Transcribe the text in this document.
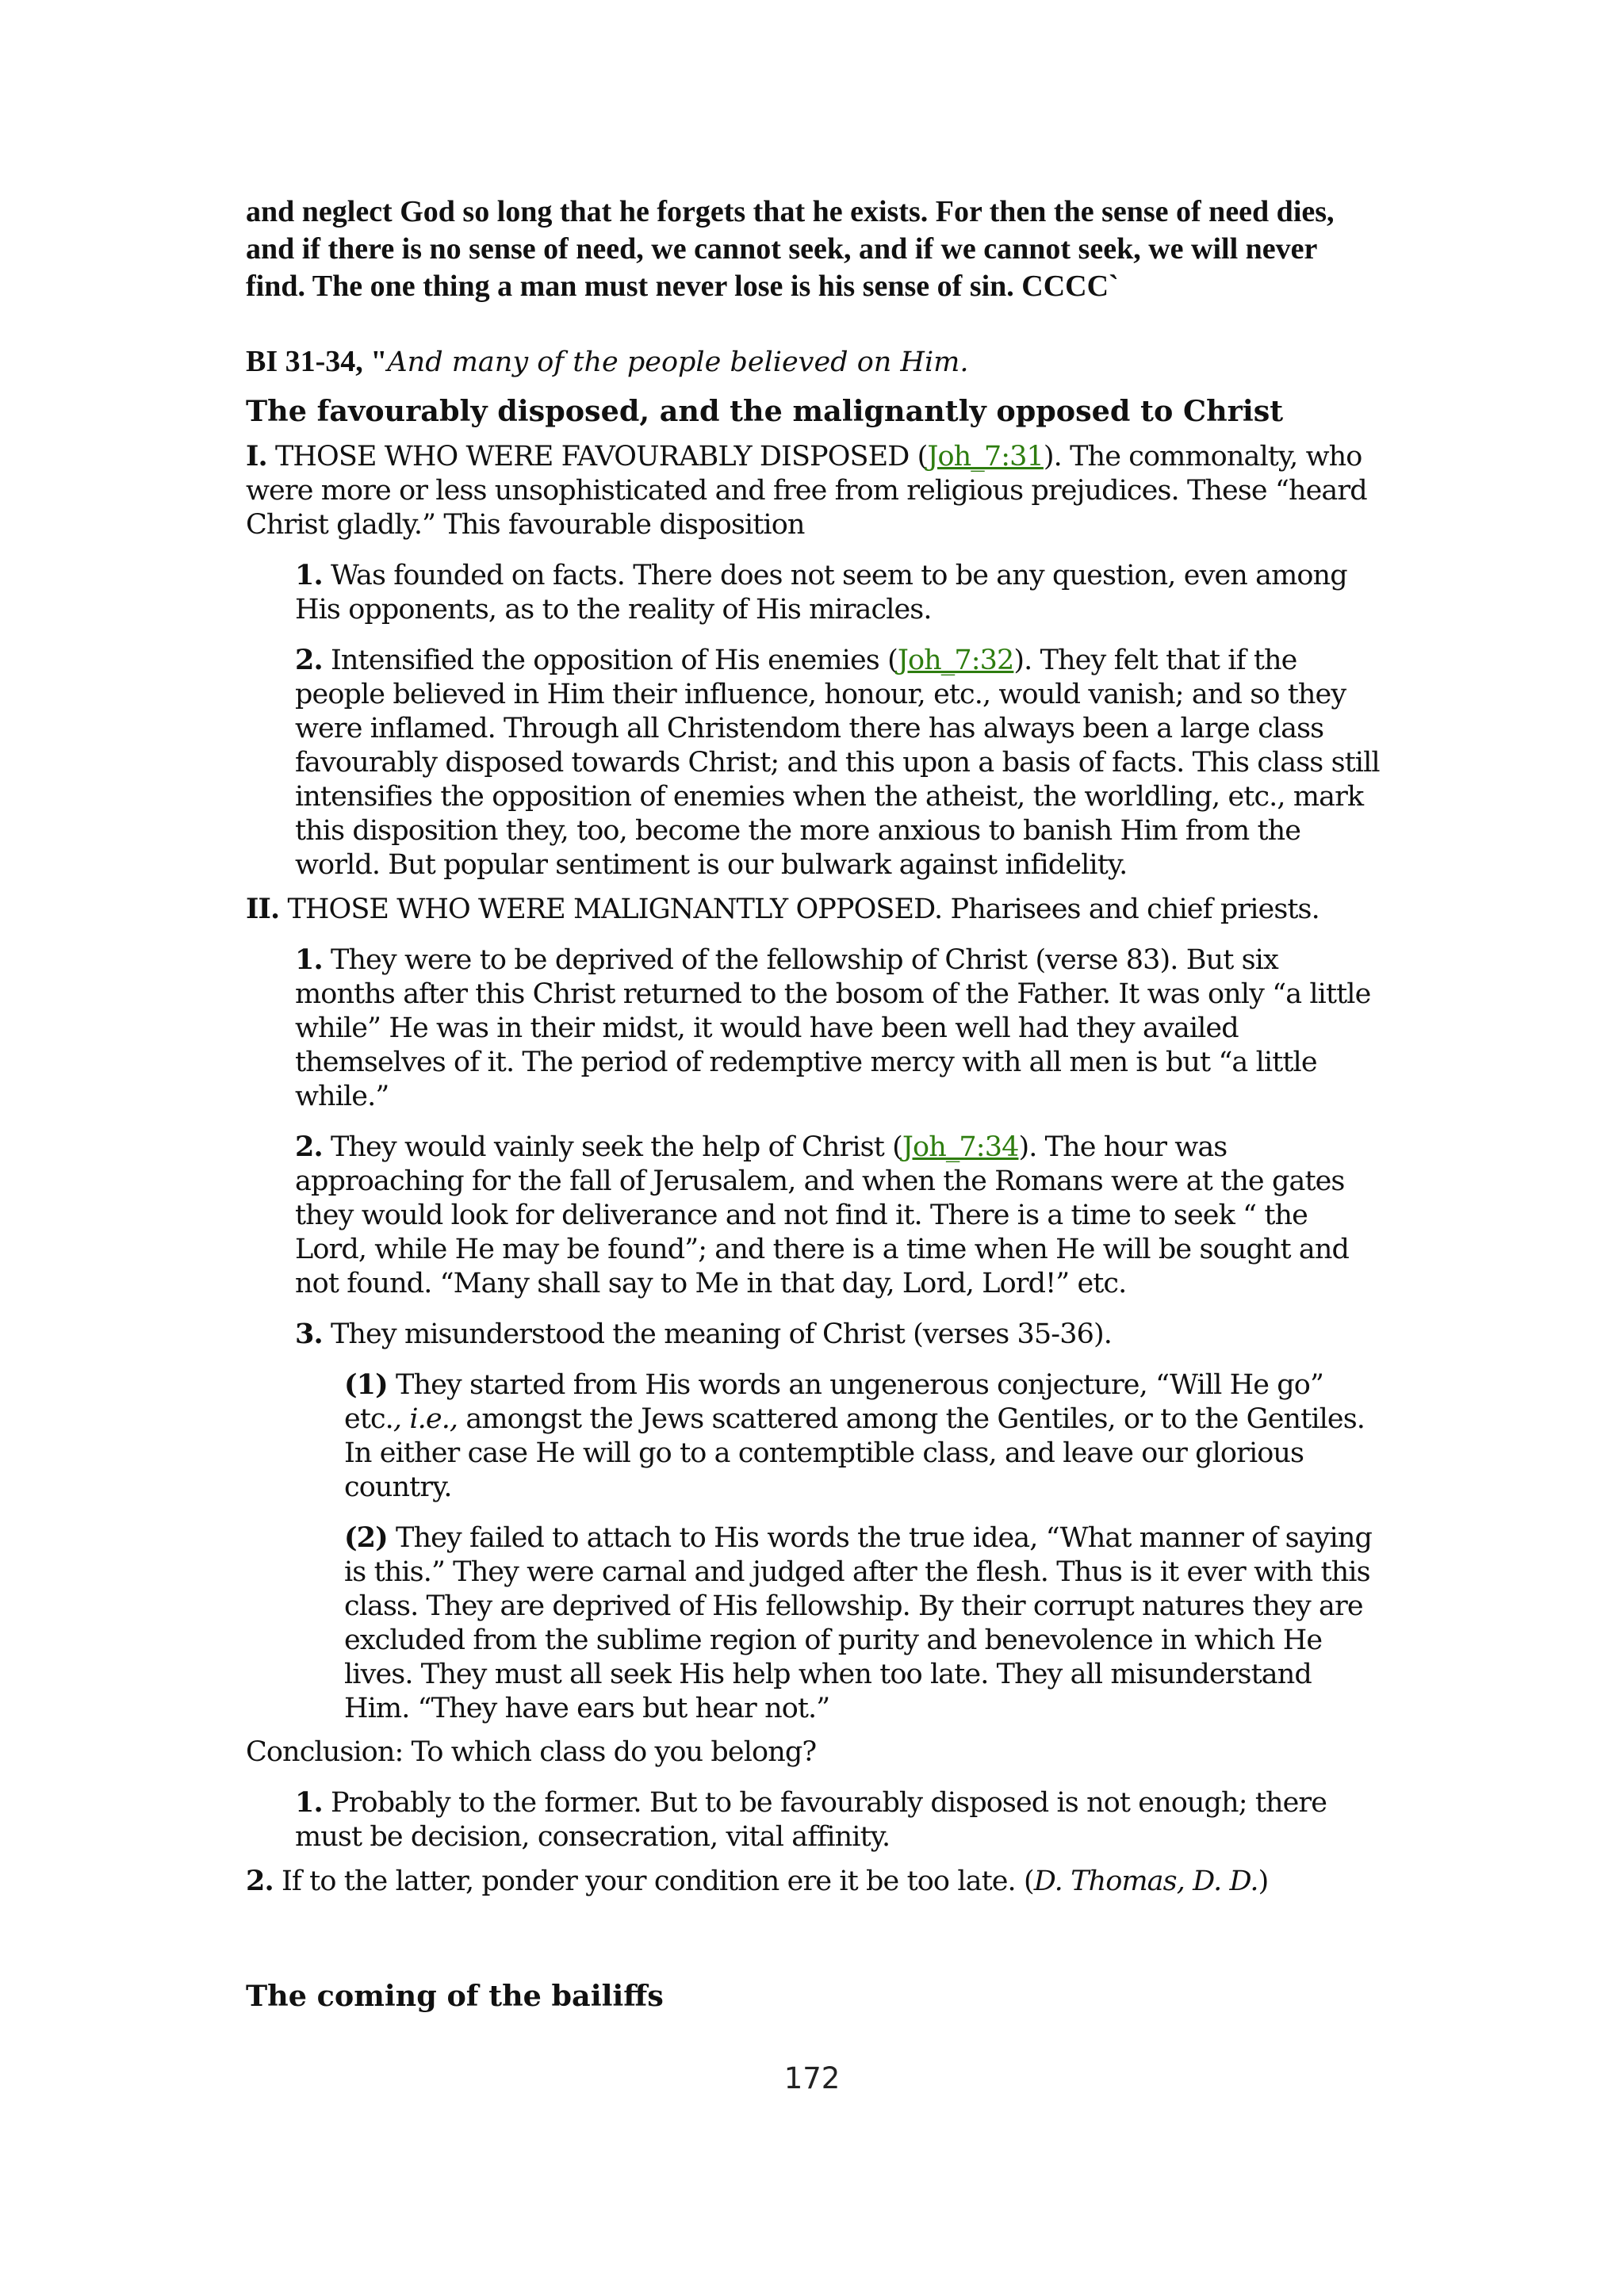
and neglect God so long that he forgets that he exists. For then the sense of need dies, and if there is no sense of need, we cannot seek, and if we cannot seek, we will never find. The one thing a man must never lose is his sense of sin. CCCC`

BI 31-34, "And many of the people believed on Him.

The favourably disposed, and the malignantly opposed to Christ

I. THOSE WHO WERE FAVOURABLY DISPOSED (Joh_7:31). The commonalty, who were more or less unsophisticated and free from religious prejudices. These “heard Christ gladly.” This favourable disposition

1. Was founded on facts. There does not seem to be any question, even among His opponents, as to the reality of His miracles.

2. Intensified the opposition of His enemies (Joh_7:32). They felt that if the people believed in Him their influence, honour, etc., would vanish; and so they were inflamed. Through all Christendom there has always been a large class favourably disposed towards Christ; and this upon a basis of facts. This class still intensifies the opposition of enemies when the atheist, the worldling, etc., mark this disposition they, too, become the more anxious to banish Him from the world. But popular sentiment is our bulwark against infidelity.

II. THOSE WHO WERE MALIGNANTLY OPPOSED. Pharisees and chief priests.

1. They were to be deprived of the fellowship of Christ (verse 83). But six months after this Christ returned to the bosom of the Father. It was only “a little while” He was in their midst, it would have been well had they availed themselves of it. The period of redemptive mercy with all men is but “a little while.”

2. They would vainly seek the help of Christ (Joh_7:34). The hour was approaching for the fall of Jerusalem, and when the Romans were at the gates they would look for deliverance and not find it. There is a time to seek “ the Lord, while He may be found”; and there is a time when He will be sought and not found. “Many shall say to Me in that day, Lord, Lord!” etc.

3. They misunderstood the meaning of Christ (verses 35-36).

(1) They started from His words an ungenerous conjecture, “Will He go” etc., i.e., amongst the Jews scattered among the Gentiles, or to the Gentiles. In either case He will go to a contemptible class, and leave our glorious country.

(2) They failed to attach to His words the true idea, “What manner of saying is this.” They were carnal and judged after the flesh. Thus is it ever with this class. They are deprived of His fellowship. By their corrupt natures they are excluded from the sublime region of purity and benevolence in which He lives. They must all seek His help when too late. They all misunderstand Him. “They have ears but hear not.”

Conclusion: To which class do you belong?

1. Probably to the former. But to be favourably disposed is not enough; there must be decision, consecration, vital affinity.

2. If to the latter, ponder your condition ere it be too late. (D. Thomas, D. D.)

The coming of the bailiffs
172
